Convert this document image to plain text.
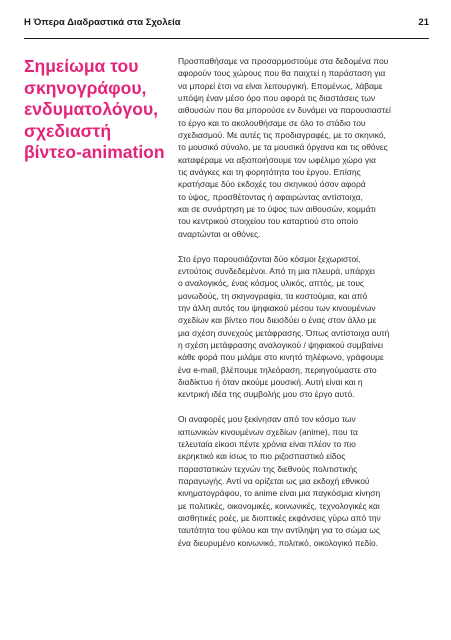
Η Όπερα Διαδραστικά στα Σχολεία	21
Σημείωμα του σκηνογράφου, ενδυματολόγου, σχεδιαστή βίντεο-animation

Προσπαθήσαμε να προσαρμοστούμε στα δεδομένα που
αφορούν τους χώρους που θα παιχτεί η παράσταση για
να μπορεί έτσι να είναι λειτουργική. Επομένως, λάβαμε
υπόψη έναν μέσο όρο που αφορά τις διαστάσεις των
αιθουσών που θα μπορούσε εν δυνάμει να παρουσιαστεί
το έργο και το ακολουθήσαμε σε όλο το στάδιο του
σχεδιασμού. Με αυτές τις προδιαγραφές, με το σκηνικό,
το μουσικό σύνολο, με τα μουσικά όργανα και τις οθόνες
καταφέραμε να αξιοποιήσουμε τον ωφέλιμο χώρο για
τις ανάγκες και τη φορητότητα του έργου. Επίσης
κρατήσαμε δύο εκδοχές του σκηνικού όσον αφορά
το ύψος, προσθέτοντας ή αφαιρώντας αντίστοιχα,
και σε συνάρτηση με το ύψος των αιθουσών, κομμάτι
του κεντρικού στοιχείου του καταρτιού στο οποίο
αναρτώνται οι οθόνες.

Στο έργο παρουσιάζονται δύο κόσμοι ξεχωριστοί,
εντούτοις συνδεδεμένοι. Από τη μια πλευρά, υπάρχει
ο αναλογικός, ένας κόσμος υλικός, απτός, με τους
μονωδούς, τη σκηνογραφία, τα κοστούμια, και από
την άλλη αυτός του ψηφιακού μέσου των κινουμένων
σχεδίων και βίντεο που διεισδύει ο ένας στον άλλο με
μια σχέση συνεχούς μετάφρασης. Όπως αντίστοιχα αυτή
η σχέση μετάφρασης αναλογικού / ψηφιακού συμβαίνει
κάθε φορά που μιλάμε στο κινητό τηλέφωνο, γράφουμε
ένα e-mail, βλέπουμε τηλεόραση, περιηγούμαστε στο
διαδίκτυο ή όταν ακούμε μουσική. Αυτή είναι και η
κεντρική ιδέα της συμβολής μου στο έργο αυτό.

Οι αναφορές μου ξεκίνησαν από τον κόσμο των
ιαπωνικών κινουμένων σχεδίων (anime), που τα
τελευταία είκοσι πέντε χρόνια είναι πλέον το πιο
εκρηκτικό και ίσως το πιο ριζοσπαστικό είδος
παραστατικών τεχνών της διεθνούς πολιτιστικής
παραγωγής. Αντί να ορίζεται ως μια εκδοχή εθνικού
κινηματογράφου, το anime είναι μια παγκόσμια κίνηση
με πολιτικές, οικονομικές, κοινωνικές, τεχνολογικές και
αισθητικές ροές, με διοπτικές εκφάνσεις γύρω από την
ταυτότητα του φύλου και την αντίληψη για το σώμα ως
ένα διευρυμένο κοινωνικό, πολιτικό, οικολογικό πεδίο.
